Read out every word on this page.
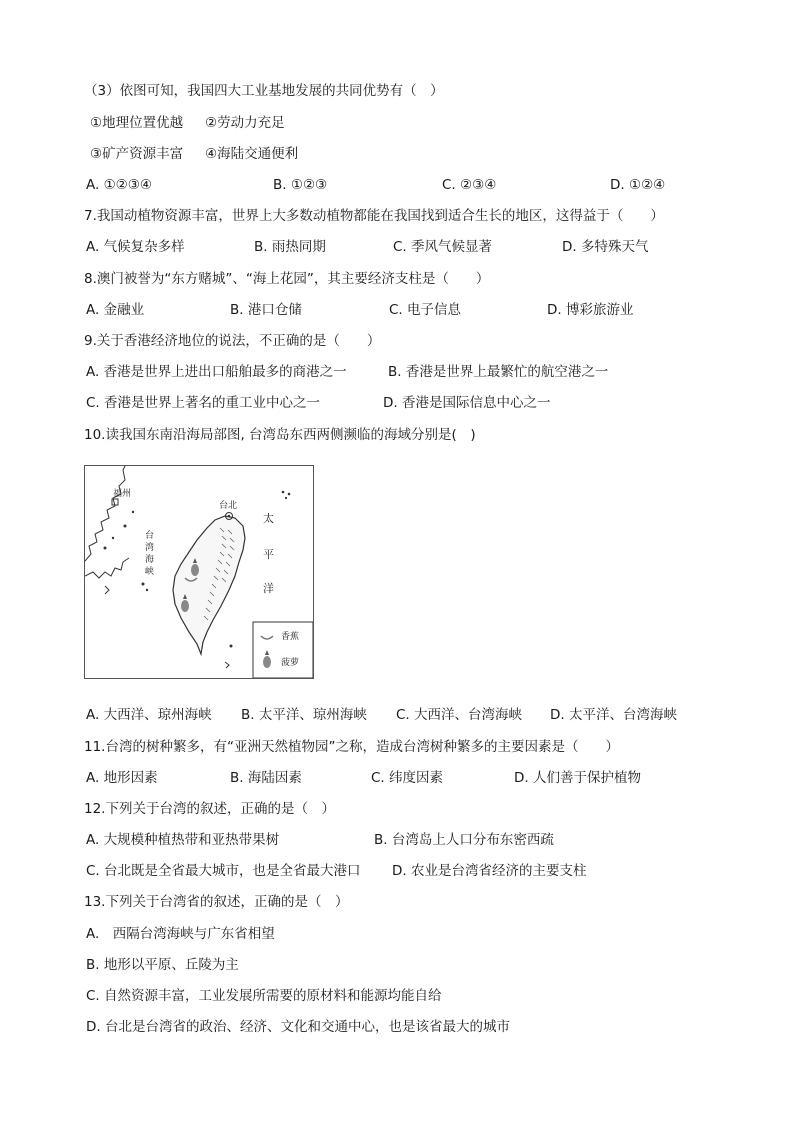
（3）依图可知，我国四大工业基地发展的共同优势有（　）
①地理位置优越 ②劳动力充足
③矿产资源丰富 ④海陆交通便利
A. ①②③④	B. ①②③	C. ②③④	D. ①②④
7.我国动植物资源丰富，世界上大多数动植物都能在我国找到适合生长的地区，这得益于（　　）
A. 气候复杂多样	B. 雨热同期	C. 季风气候显著	D. 多特殊天气
8.澳门被誉为“东方赌城”、“海上花园”，其主要经济支柱是（　　）
A. 金融业	B. 港口仓储	C. 电子信息	D. 博彩旅游业
9.关于香港经济地位的说法，不正确的是（　　）
A. 香港是世界上进出口船舶最多的商港之一	B. 香港是世界上最繁忙的航空港之一
C. 香港是世界上著名的重工业中心之一	D. 香港是国际信息中心之一
10.读我国东南沿海局部图, 台湾岛东西两侧濒临的海域分别是(　)
福州
台
湾
海
峡
台北
太
平
洋
香蕉
菠萝
A. 大西洋、琼州海峡 B. 太平洋、琼州海峡 C. 大西洋、台湾海峡 D. 太平洋、台湾海峡
11.台湾的树种繁多，有“亚洲天然植物园”之称，造成台湾树种繁多的主要因素是（　　）
A. 地形因素	B. 海陆因素	C. 纬度因素	D. 人们善于保护植物
12.下列关于台湾的叙述，正确的是（　）
A. 大规模种植热带和亚热带果树	B. 台湾岛上人口分布东密西疏
C. 台北既是全省最大城市，也是全省最大港口 D. 农业是台湾省经济的主要支柱
13.下列关于台湾省的叙述，正确的是（　）
A.　西隔台湾海峡与广东省相望
B. 地形以平原、丘陵为主
C. 自然资源丰富，工业发展所需要的原材料和能源均能自给
D. 台北是台湾省的政治、经济、文化和交通中心，也是该省最大的城市
